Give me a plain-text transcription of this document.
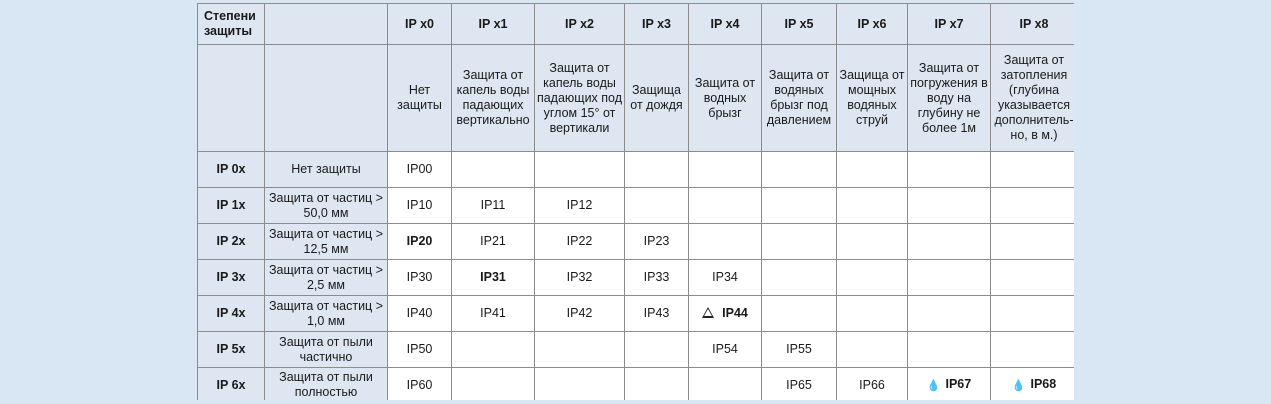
Степени защиты		IP x0	IP x1	IP x2	IP x3	IP x4	IP x5	IP x6	IP x7	IP x8
		Нет защиты	Защита от капель воды падающих вертикально	Защита от капель воды падающих под углом 15° от вертикали	Защищa от дождя	Защита от водных брызг	Защита от водяных брызг под давлением	Защищa от мощных водяных струй	Защита от погружения в воду на глубину не более 1м	Защита от затопления (глубина указывается дополнитель-но, в м.)
IP 0x	Нет защиты	IP00								
IP 1x	Защита от частиц > 50,0 мм	IP10	IP11	IP12						
IP 2x	Защита от частиц > 12,5 мм	IP20	IP21	IP22	IP23					
IP 3x	Защита от частиц > 2,5 мм	IP30	IP31	IP32	IP33	IP34				
IP 4x	Защита от частиц > 1,0 мм	IP40	IP41	IP42	IP43	IP44				
IP 5x	Защита от пыли частично	IP50				IP54	IP55			
IP 6x	Защита от пыли полностью	IP60					IP65	IP66	💧 IP67	💧 IP68
